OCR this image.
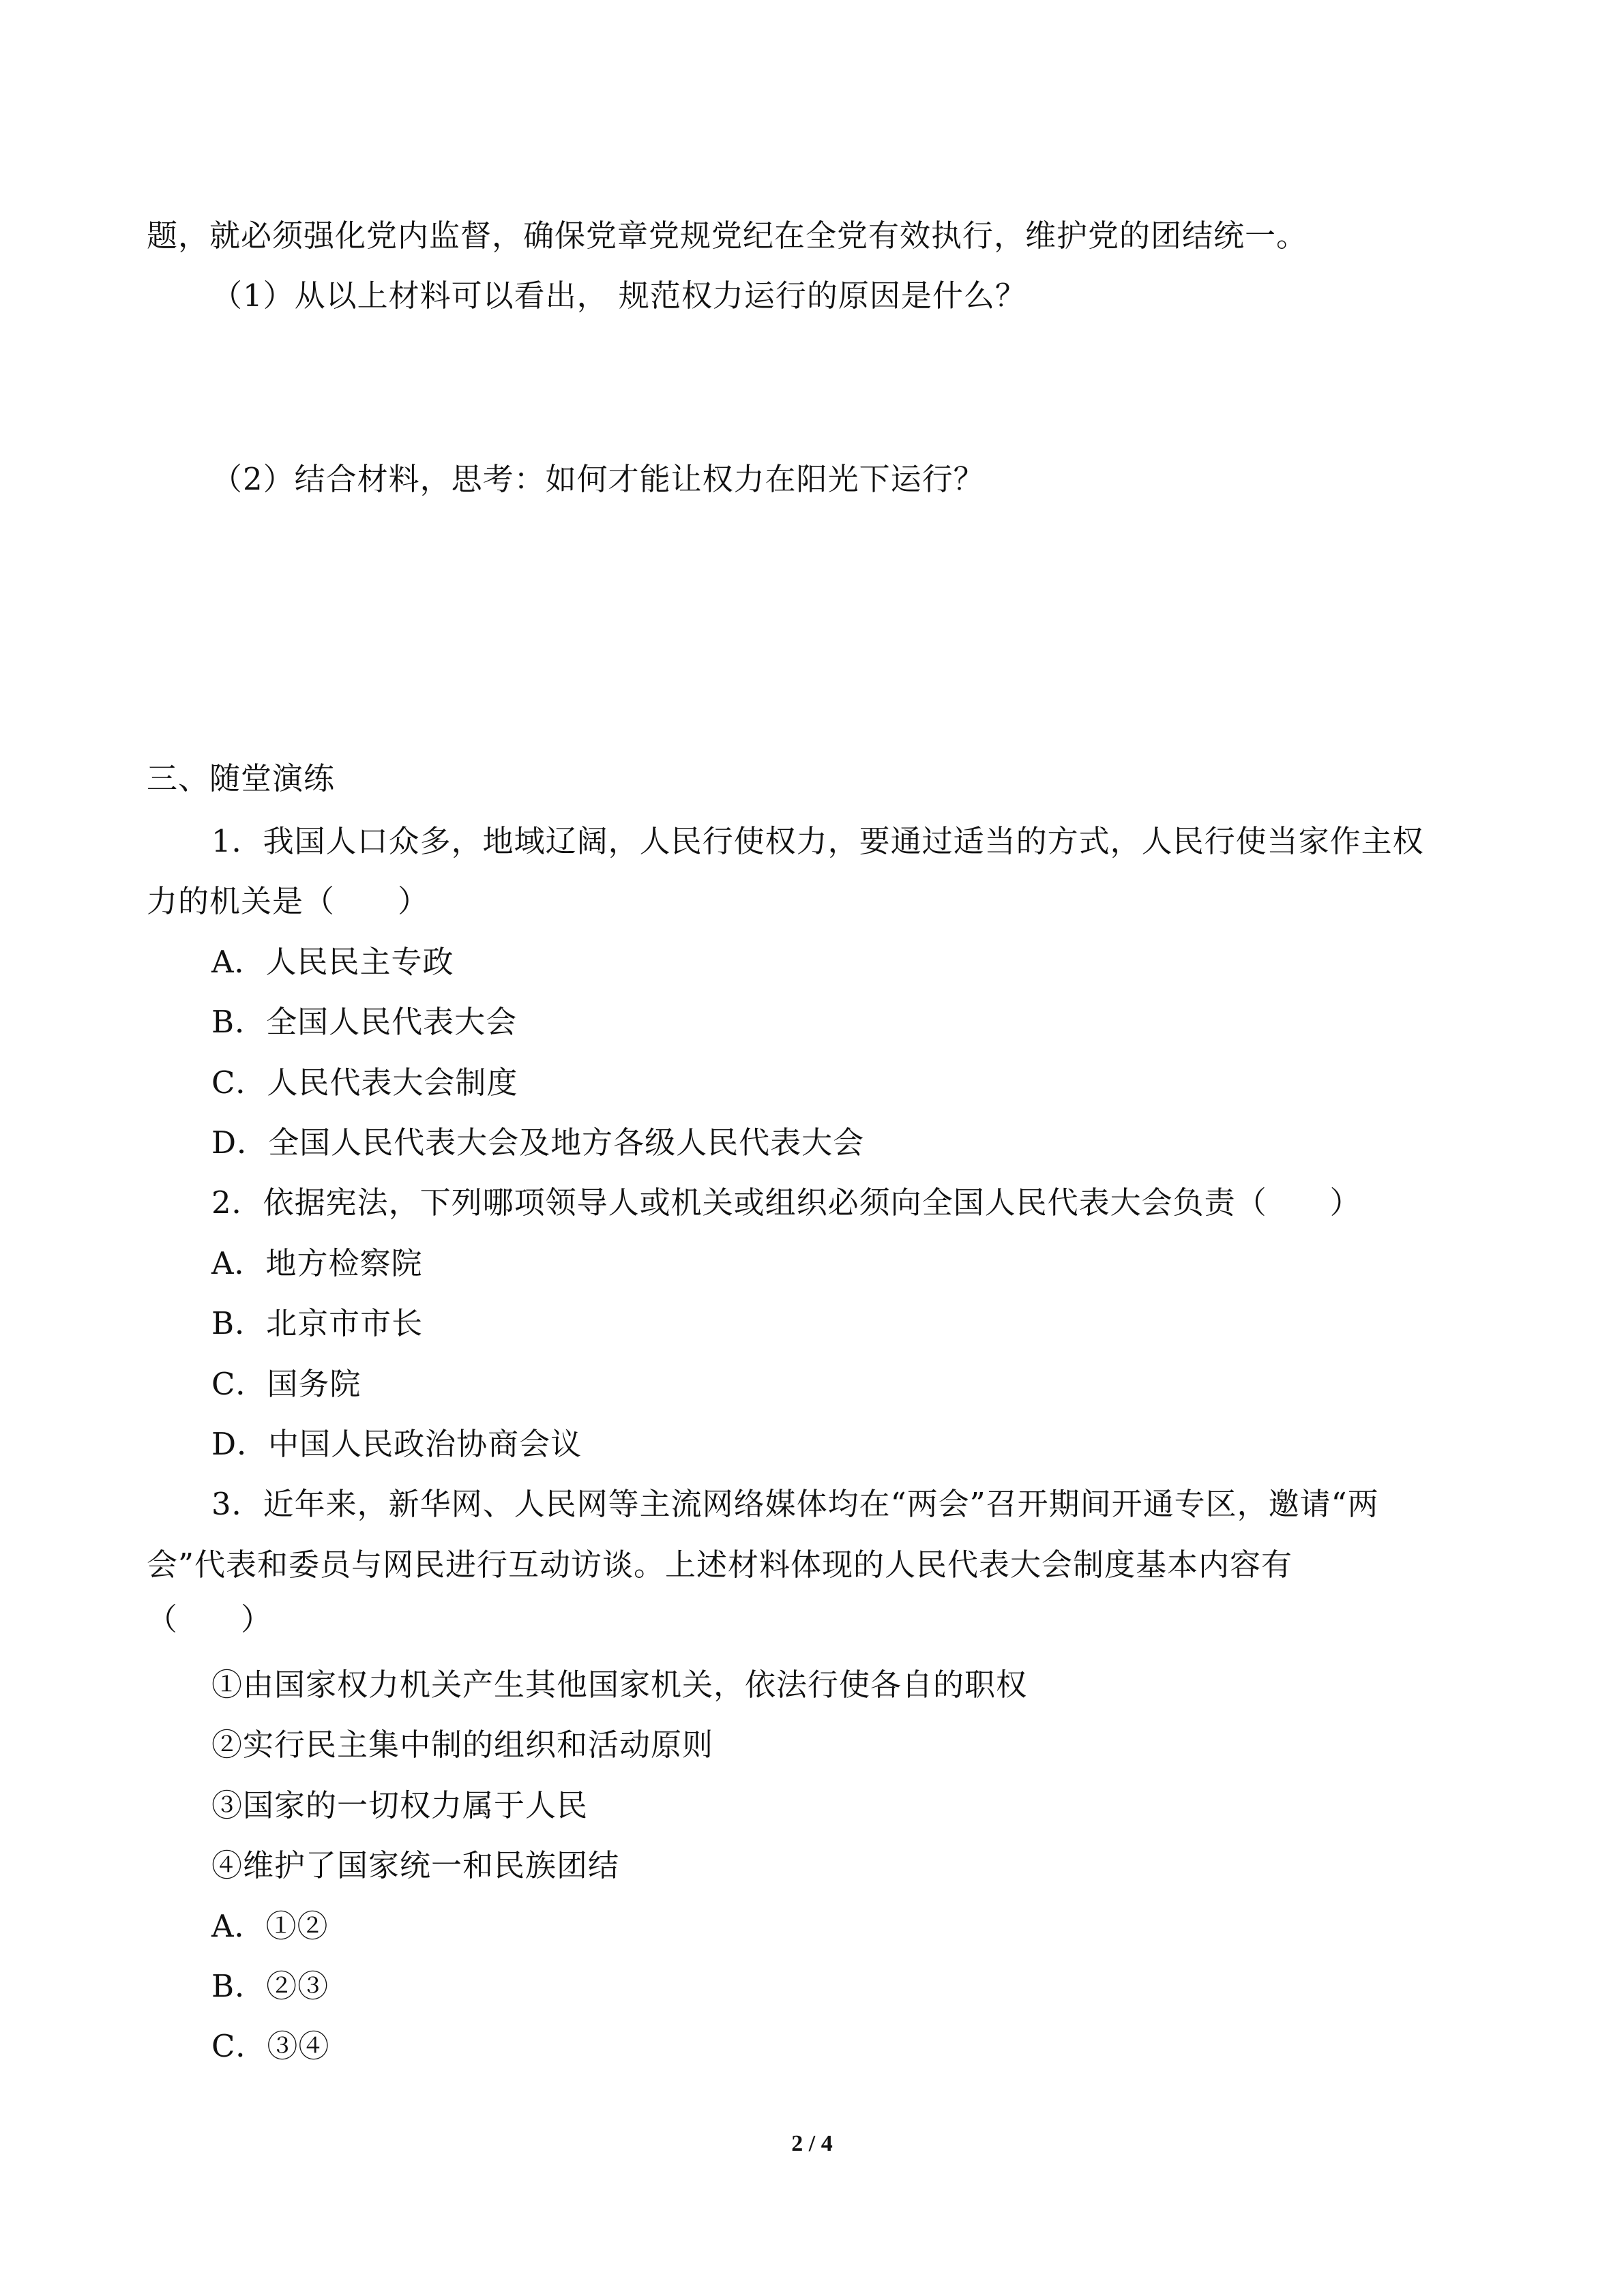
题，就必须强化党内监督，确保党章党规党纪在全党有效执行，维护党的团结统一。
（1）从以上材料可以看出， 规范权力运行的原因是什么？
（2）结合材料，思考：如何才能让权力在阳光下运行？
三、随堂演练
1．我国人口众多，地域辽阔，人民行使权力，要通过适当的方式，人民行使当家作主权
力的机关是（　　）
A．人民民主专政
B．全国人民代表大会
C．人民代表大会制度
D．全国人民代表大会及地方各级人民代表大会
2．依据宪法，下列哪项领导人或机关或组织必须向全国人民代表大会负责（　　）
A．地方检察院
B．北京市市长
C．国务院
D．中国人民政治协商会议
3．近年来，新华网、人民网等主流网络媒体均在“两会”召开期间开通专区，邀请“两
会”代表和委员与网民进行互动访谈。上述材料体现的人民代表大会制度基本内容有
（　　）
①由国家权力机关产生其他国家机关，依法行使各自的职权
②实行民主集中制的组织和活动原则
③国家的一切权力属于人民
④维护了国家统一和民族团结
A．①②
B．②③
C．③④
2 / 4
